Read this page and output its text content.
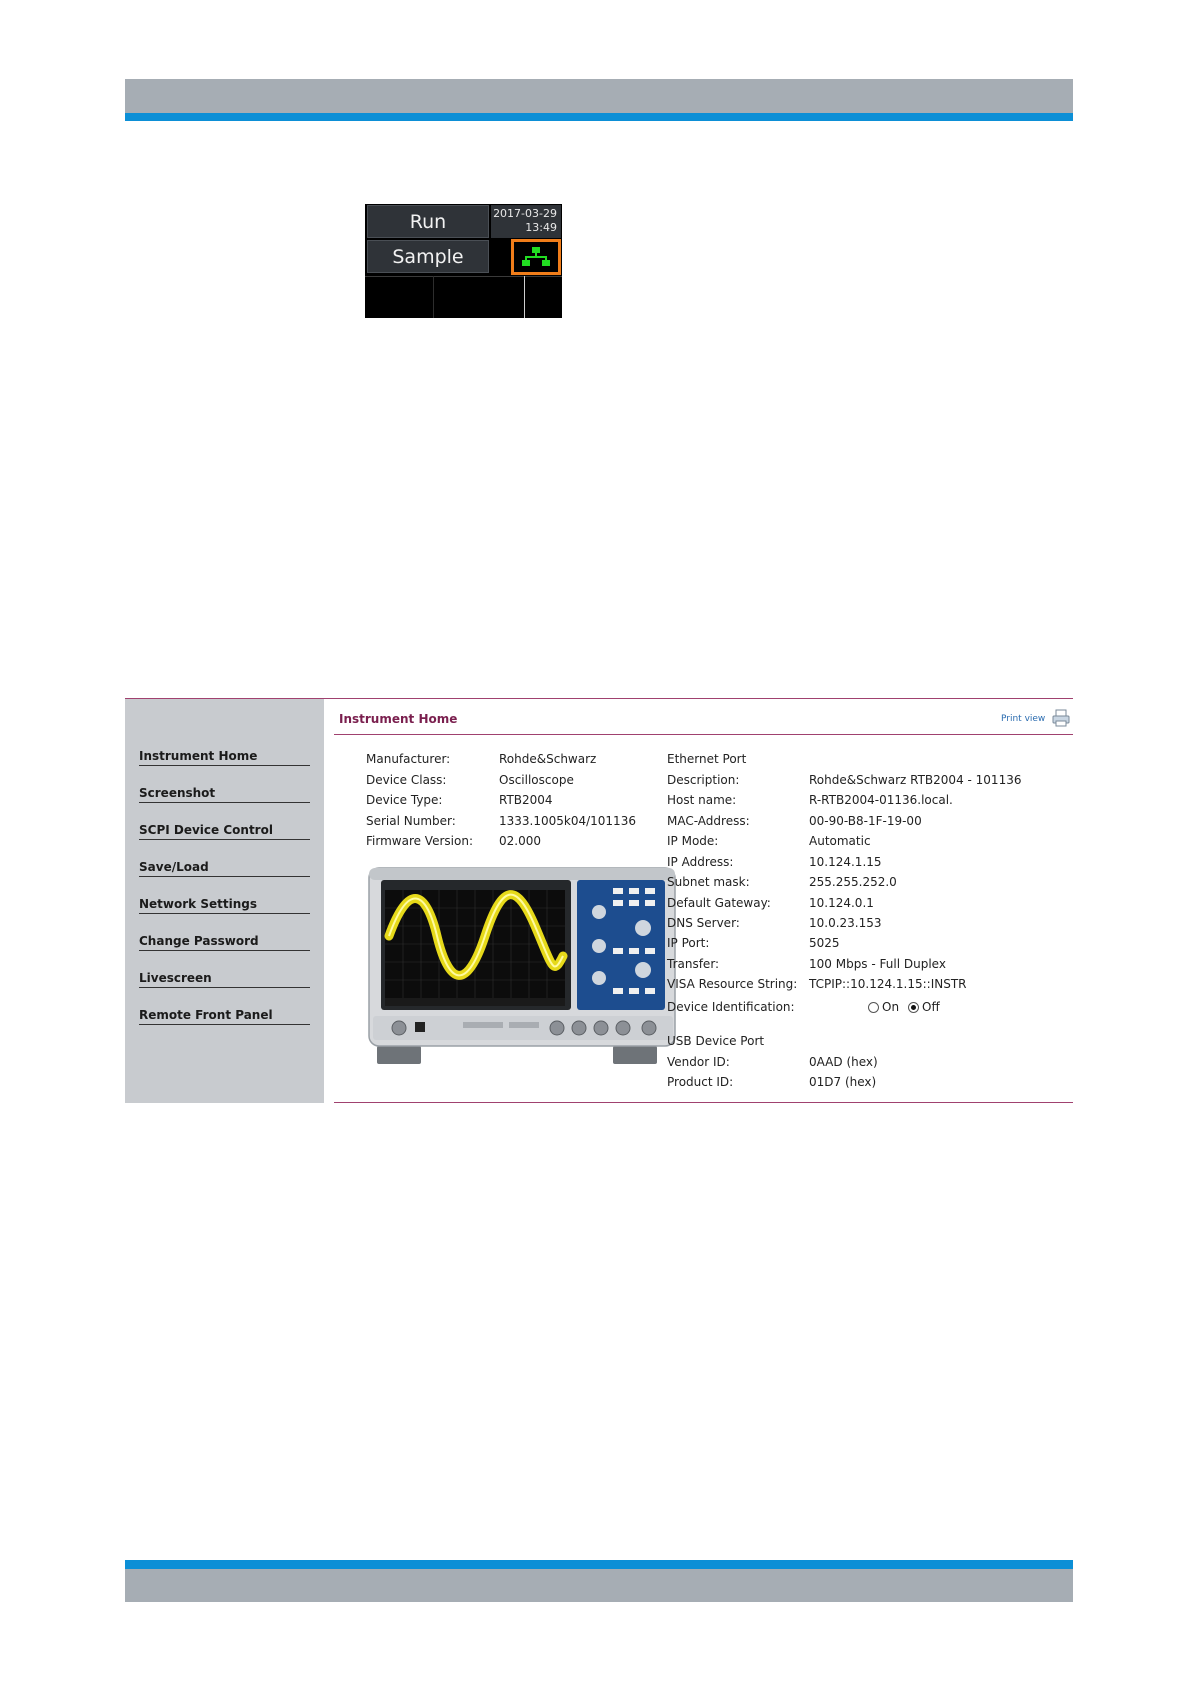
Run
Sample
2017-03-29
13:49
Instrument Home
Screenshot
SCPI Device Control
Save/Load
Network Settings
Change Password
Livescreen
Remote Front Panel
Instrument Home	Print view
Manufacturer:	Rohde&Schwarz
Device Class:	Oscilloscope
Device Type:	RTB2004
Serial Number:	1333.1005k04/101136
Firmware Version: 02.000
Ethernet Port
Description:	Rohde&Schwarz RTB2004 - 101136
Host name:	R-RTB2004-01136.local.
MAC-Address:	00-90-B8-1F-19-00
IP Mode:	Automatic
IP Address:	10.124.1.15
Subnet mask:	255.255.252.0
Default Gateway:	10.124.0.1
DNS Server:	10.0.23.153
IP Port:	5025
Transfer:	100 Mbps - Full Duplex
VISA Resource String: TCPIP::10.124.1.15::INSTR
Device Identification:	On Off
USB Device Port
Vendor ID:	0AAD (hex)
Product ID:	01D7 (hex)
